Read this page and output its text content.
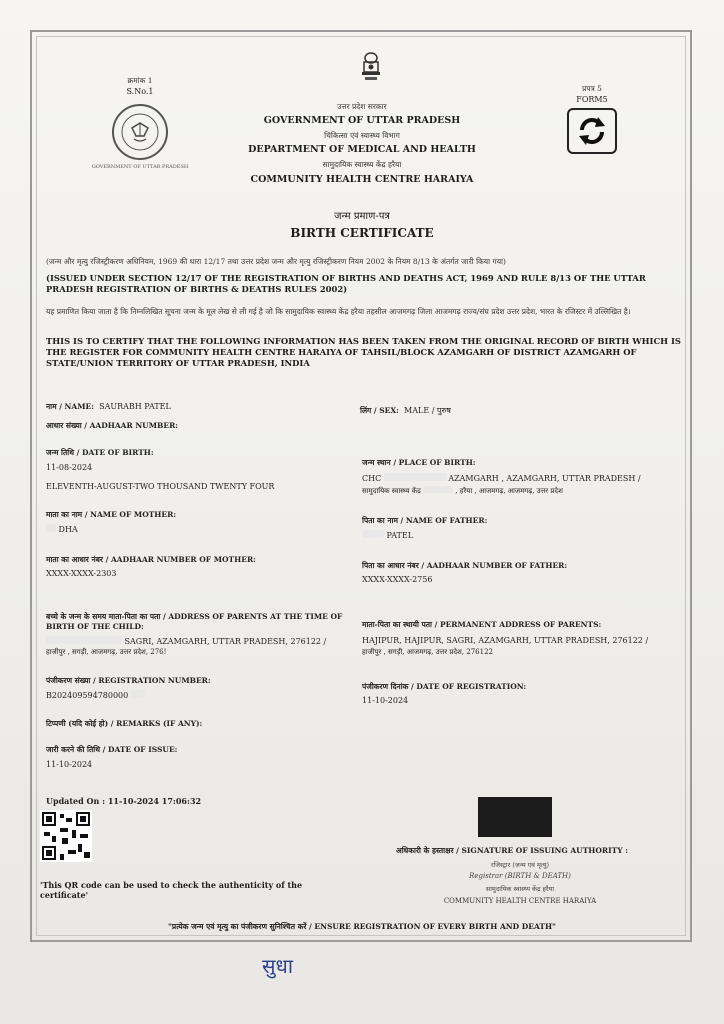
क्रमांक 1
S.No.1
GOVERNMENT OF UTTAR PRADESH
प्रपत्र 5
FORM5
उत्तर प्रदेश सरकार
GOVERNMENT OF UTTAR PRADESH
चिकित्सा एवं स्वास्थ्य विभाग
DEPARTMENT OF MEDICAL AND HEALTH
सामुदायिक स्वास्थ्य केंद्र हरैया
COMMUNITY HEALTH CENTRE HARAIYA
जन्म प्रमाण-पत्र
BIRTH CERTIFICATE
(जन्म और मृत्यु रजिस्ट्रीकरण अधिनियम, 1969 की धारा 12/17 तथा उत्तर प्रदेश जन्म और मृत्यु रजिस्ट्रीकरण नियम 2002 के नियम 8/13 के अंतर्गत जारी किया गया)
(ISSUED UNDER SECTION 12/17 OF THE REGISTRATION OF BIRTHS AND DEATHS ACT, 1969 AND RULE 8/13 OF THE UTTAR PRADESH REGISTRATION OF BIRTHS & DEATHS RULES 2002)
यह प्रमाणित किया जाता है कि निम्नलिखित सूचना जन्म के मूल लेख से ली गई है जो कि सामुदायिक स्वास्थ्य केंद्र हरैया तहसील आजमगढ़ जिला आजमगढ़ राज्य/संघ प्रदेश उत्तर प्रदेश, भारत के रजिस्टर में उल्लिखित है।
THIS IS TO CERTIFY THAT THE FOLLOWING INFORMATION HAS BEEN TAKEN FROM THE ORIGINAL RECORD OF BIRTH WHICH IS THE REGISTER FOR COMMUNITY HEALTH CENTRE HARAIYA OF TAHSIL/BLOCK AZAMGARH OF DISTRICT AZAMGARH OF STATE/UNION TERRITORY OF UTTAR PRADESH, INDIA
नाम / NAME: SAURABH PATEL	लिंग / SEX: MALE / पुरुष
आधार संख्या / AADHAAR NUMBER:
जन्म तिथि / DATE OF BIRTH:
11-08-2024
ELEVENTH-AUGUST-TWO THOUSAND TWENTY FOUR
जन्म स्थान / PLACE OF BIRTH:
CHC	AZAMGARH , AZAMGARH, UTTAR PRADESH /
सामुदायिक स्वास्थ्य केंद्र	, हरैया , आजमगढ़, आजमगढ़, उत्तर प्रदेश
माता का नाम / NAME OF MOTHER:
DHA
पिता का नाम / NAME OF FATHER:
PATEL
माता का आधार नंबर / AADHAAR NUMBER OF MOTHER:
XXXX-XXXX-2303
पिता का आधार नंबर / AADHAAR NUMBER OF FATHER:
XXXX-XXXX-2756
बच्चे के जन्म के समय माता-पिता का पता / ADDRESS OF PARENTS AT THE TIME OF BIRTH OF THE CHILD:
SAGRI, AZAMGARH, UTTAR PRADESH, 276122 /
हाजीपुर , सगड़ी, आजमगढ़, उत्तर प्रदेश, 276!
माता-पिता का स्थायी पता / PERMANENT ADDRESS OF PARENTS:
HAJIPUR, HAJIPUR, SAGRI, AZAMGARH, UTTAR PRADESH, 276122 /
हाजीपुर , सगड़ी, आजमगढ़, उत्तर प्रदेश, 276122
पंजीकरण संख्या / REGISTRATION NUMBER:
B202409594780000
पंजीकरण दिनांक / DATE OF REGISTRATION:
11-10-2024
टिप्पणी (यदि कोई हो) / REMARKS (IF ANY):
जारी करने की तिथि / DATE OF ISSUE:
11-10-2024
Updated On : 11-10-2024 17:06:32
'This QR code can be used to check the authenticity of the certificate'
अधिकारी के हस्ताक्षर / SIGNATURE OF ISSUING AUTHORITY :
रजिस्ट्रार (जन्म एवं मृत्यु)
Registrar (BIRTH & DEATH)
सामुदायिक स्वास्थ्य केंद्र हरैया
COMMUNITY HEALTH CENTRE HARAIYA
"प्रत्येक जन्म एवं मृत्यु का पंजीकरण सुनिश्चित करें / ENSURE REGISTRATION OF EVERY BIRTH AND DEATH"
सुधा
